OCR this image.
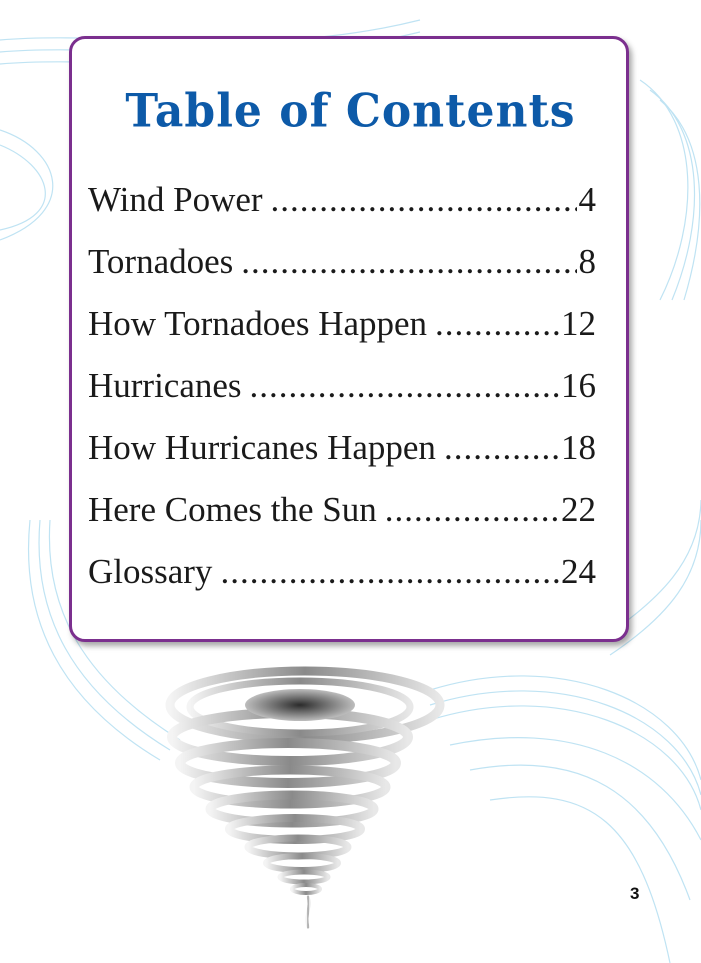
Table of Contents
Wind Power .....	4
Tornadoes .....	8
How Tornadoes Happen .....	12
Hurricanes .....	16
How Hurricanes Happen .....	18
Here Comes the Sun .....	22
Glossary .....	24
3
